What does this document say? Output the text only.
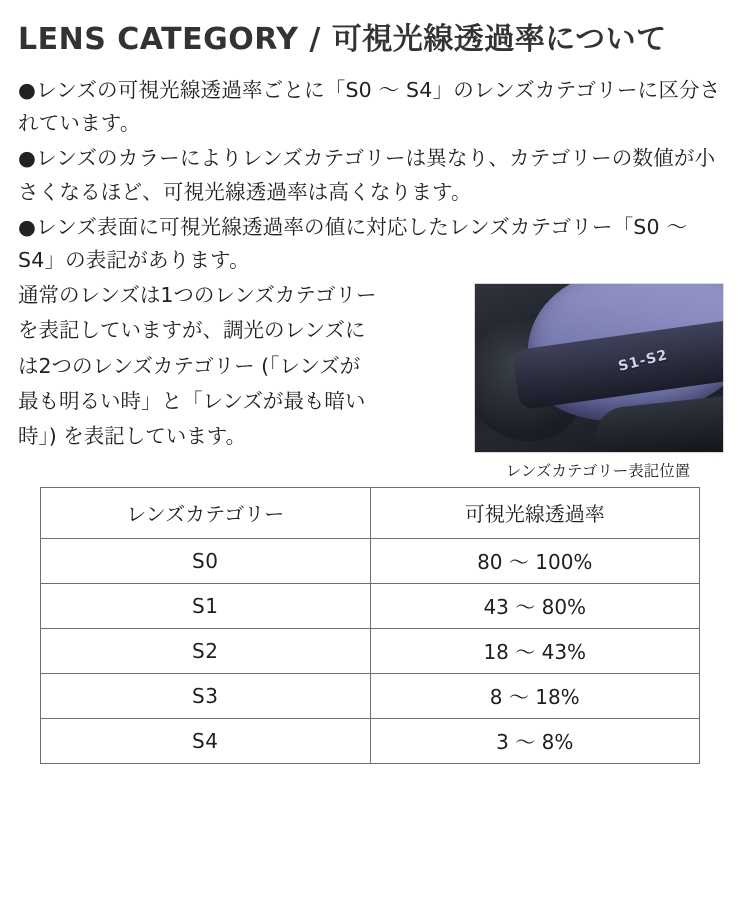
LENS CATEGORY / 可視光線透過率について

●レンズの可視光線透過率ごとに「S0 〜 S4」のレンズカテゴリーに区分されています。

●レンズのカラーによりレンズカテゴリーは異なり、カテゴリーの数値が小さくなるほど、可視光線透過率は高くなります。

●レンズ表面に可視光線透過率の値に対応したレンズカテゴリー「S0 〜 S4」の表記があります。

S1-S2
レンズカテゴリー表記位置

通常のレンズは1つのレンズカテゴリー

を表記していますが、調光のレンズに

は2つのレンズカテゴリー (「レンズが

最も明るい時」と「レンズが最も暗い

時」) を表記しています。

レンズカテゴリー	可視光線透過率
S0	80 〜 100%
S1	43 〜 80%
S2	18 〜 43%
S3	8 〜 18%
S4	3 〜 8%
